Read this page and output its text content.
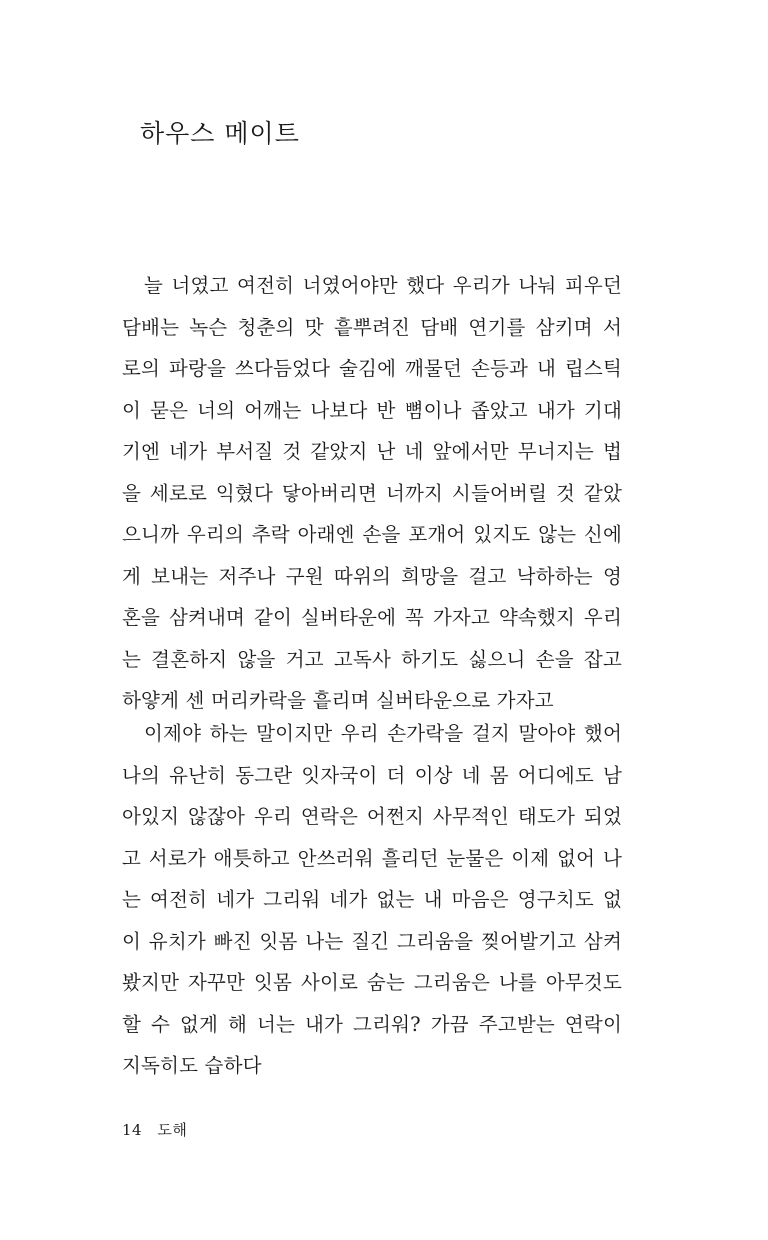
하우스 메이트
늘 너였고 여전히 너였어야만 했다 우리가 나눠 피우던
담배는 녹슨 청춘의 맛 흩뿌려진 담배 연기를 삼키며 서
로의 파랑을 쓰다듬었다 술김에 깨물던 손등과 내 립스틱
이 묻은 너의 어깨는 나보다 반 뼘이나 좁았고 내가 기대
기엔 네가 부서질 것 같았지 난 네 앞에서만 무너지는 법
을 세로로 익혔다 닿아버리면 너까지 시들어버릴 것 같았
으니까 우리의 추락 아래엔 손을 포개어 있지도 않는 신에
게 보내는 저주나 구원 따위의 희망을 걸고 낙하하는 영
혼을 삼켜내며 같이 실버타운에 꼭 가자고 약속했지 우리
는 결혼하지 않을 거고 고독사 하기도 싫으니 손을 잡고
하얗게 센 머리카락을 흩리며 실버타운으로 가자고
이제야 하는 말이지만 우리 손가락을 걸지 말아야 했어
나의 유난히 동그란 잇자국이 더 이상 네 몸 어디에도 남
아있지 않잖아 우리 연락은 어쩐지 사무적인 태도가 되었
고 서로가 애틋하고 안쓰러워 흘리던 눈물은 이제 없어 나
는 여전히 네가 그리워 네가 없는 내 마음은 영구치도 없
이 유치가 빠진 잇몸 나는 질긴 그리움을 찢어발기고 삼켜
봤지만 자꾸만 잇몸 사이로 숨는 그리움은 나를 아무것도
할 수 없게 해 너는 내가 그리워? 가끔 주고받는 연락이
지독히도 습하다
14 도해
